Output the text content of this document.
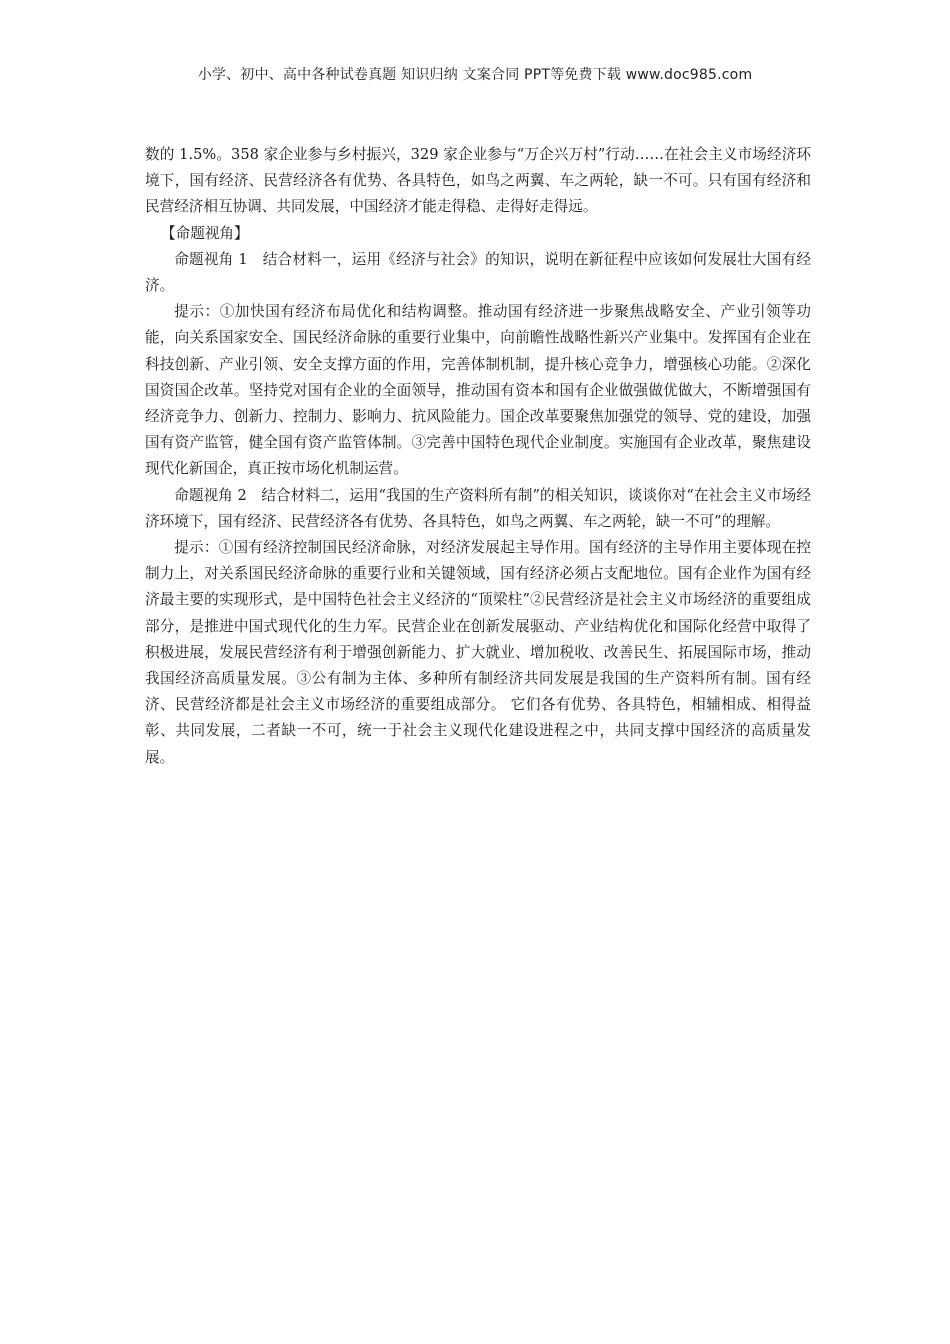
小学、初中、高中各种试卷真题 知识归纳 文案合同 PPT等免费下载 www.doc985.com

数的 1.5%。358 家企业参与乡村振兴，329 家企业参与“万企兴万村”行动……在社会主义市场经济环境下，国有经济、民营经济各有优势、各具特色，如鸟之两翼、车之两轮，缺一不可。只有国有经济和民营经济相互协调、共同发展，中国经济才能走得稳、走得好走得远。

【命题视角】

命题视角 1　结合材料一，运用《经济与社会》的知识，说明在新征程中应该如何发展壮大国有经济。

提示：①加快国有经济布局优化和结构调整。推动国有经济进一步聚焦战略安全、产业引领等功能，向关系国家安全、国民经济命脉的重要行业集中，向前瞻性战略性新兴产业集中。发挥国有企业在科技创新、产业引领、安全支撑方面的作用，完善体制机制，提升核心竞争力，增强核心功能。②深化国资国企改革。坚持党对国有企业的全面领导，推动国有资本和国有企业做强做优做大，不断增强国有经济竞争力、创新力、控制力、影响力、抗风险能力。国企改革要聚焦加强党的领导、党的建设，加强国有资产监管，健全国有资产监管体制。③完善中国特色现代企业制度。实施国有企业改革，聚焦建设现代化新国企，真正按市场化机制运营。

命题视角 2　结合材料二，运用“我国的生产资料所有制”的相关知识，谈谈你对“在社会主义市场经济环境下，国有经济、民营经济各有优势、各具特色，如鸟之两翼、车之两轮，缺一不可”的理解。

提示：①国有经济控制国民经济命脉，对经济发展起主导作用。国有经济的主导作用主要体现在控制力上，对关系国民经济命脉的重要行业和关键领域，国有经济必须占支配地位。国有企业作为国有经济最主要的实现形式，是中国特色社会主义经济的“顶梁柱”②民营经济是社会主义市场经济的重要组成部分，是推进中国式现代化的生力军。民营企业在创新发展驱动、产业结构优化和国际化经营中取得了积极进展，发展民营经济有利于增强创新能力、扩大就业、增加税收、改善民生、拓展国际市场，推动我国经济高质量发展。③公有制为主体、多种所有制经济共同发展是我国的生产资料所有制。国有经济、民营经济都是社会主义市场经济的重要组成部分。 它们各有优势、各具特色，相辅相成、相得益彰、共同发展，二者缺一不可，统一于社会主义现代化建设进程之中，共同支撑中国经济的高质量发展。
